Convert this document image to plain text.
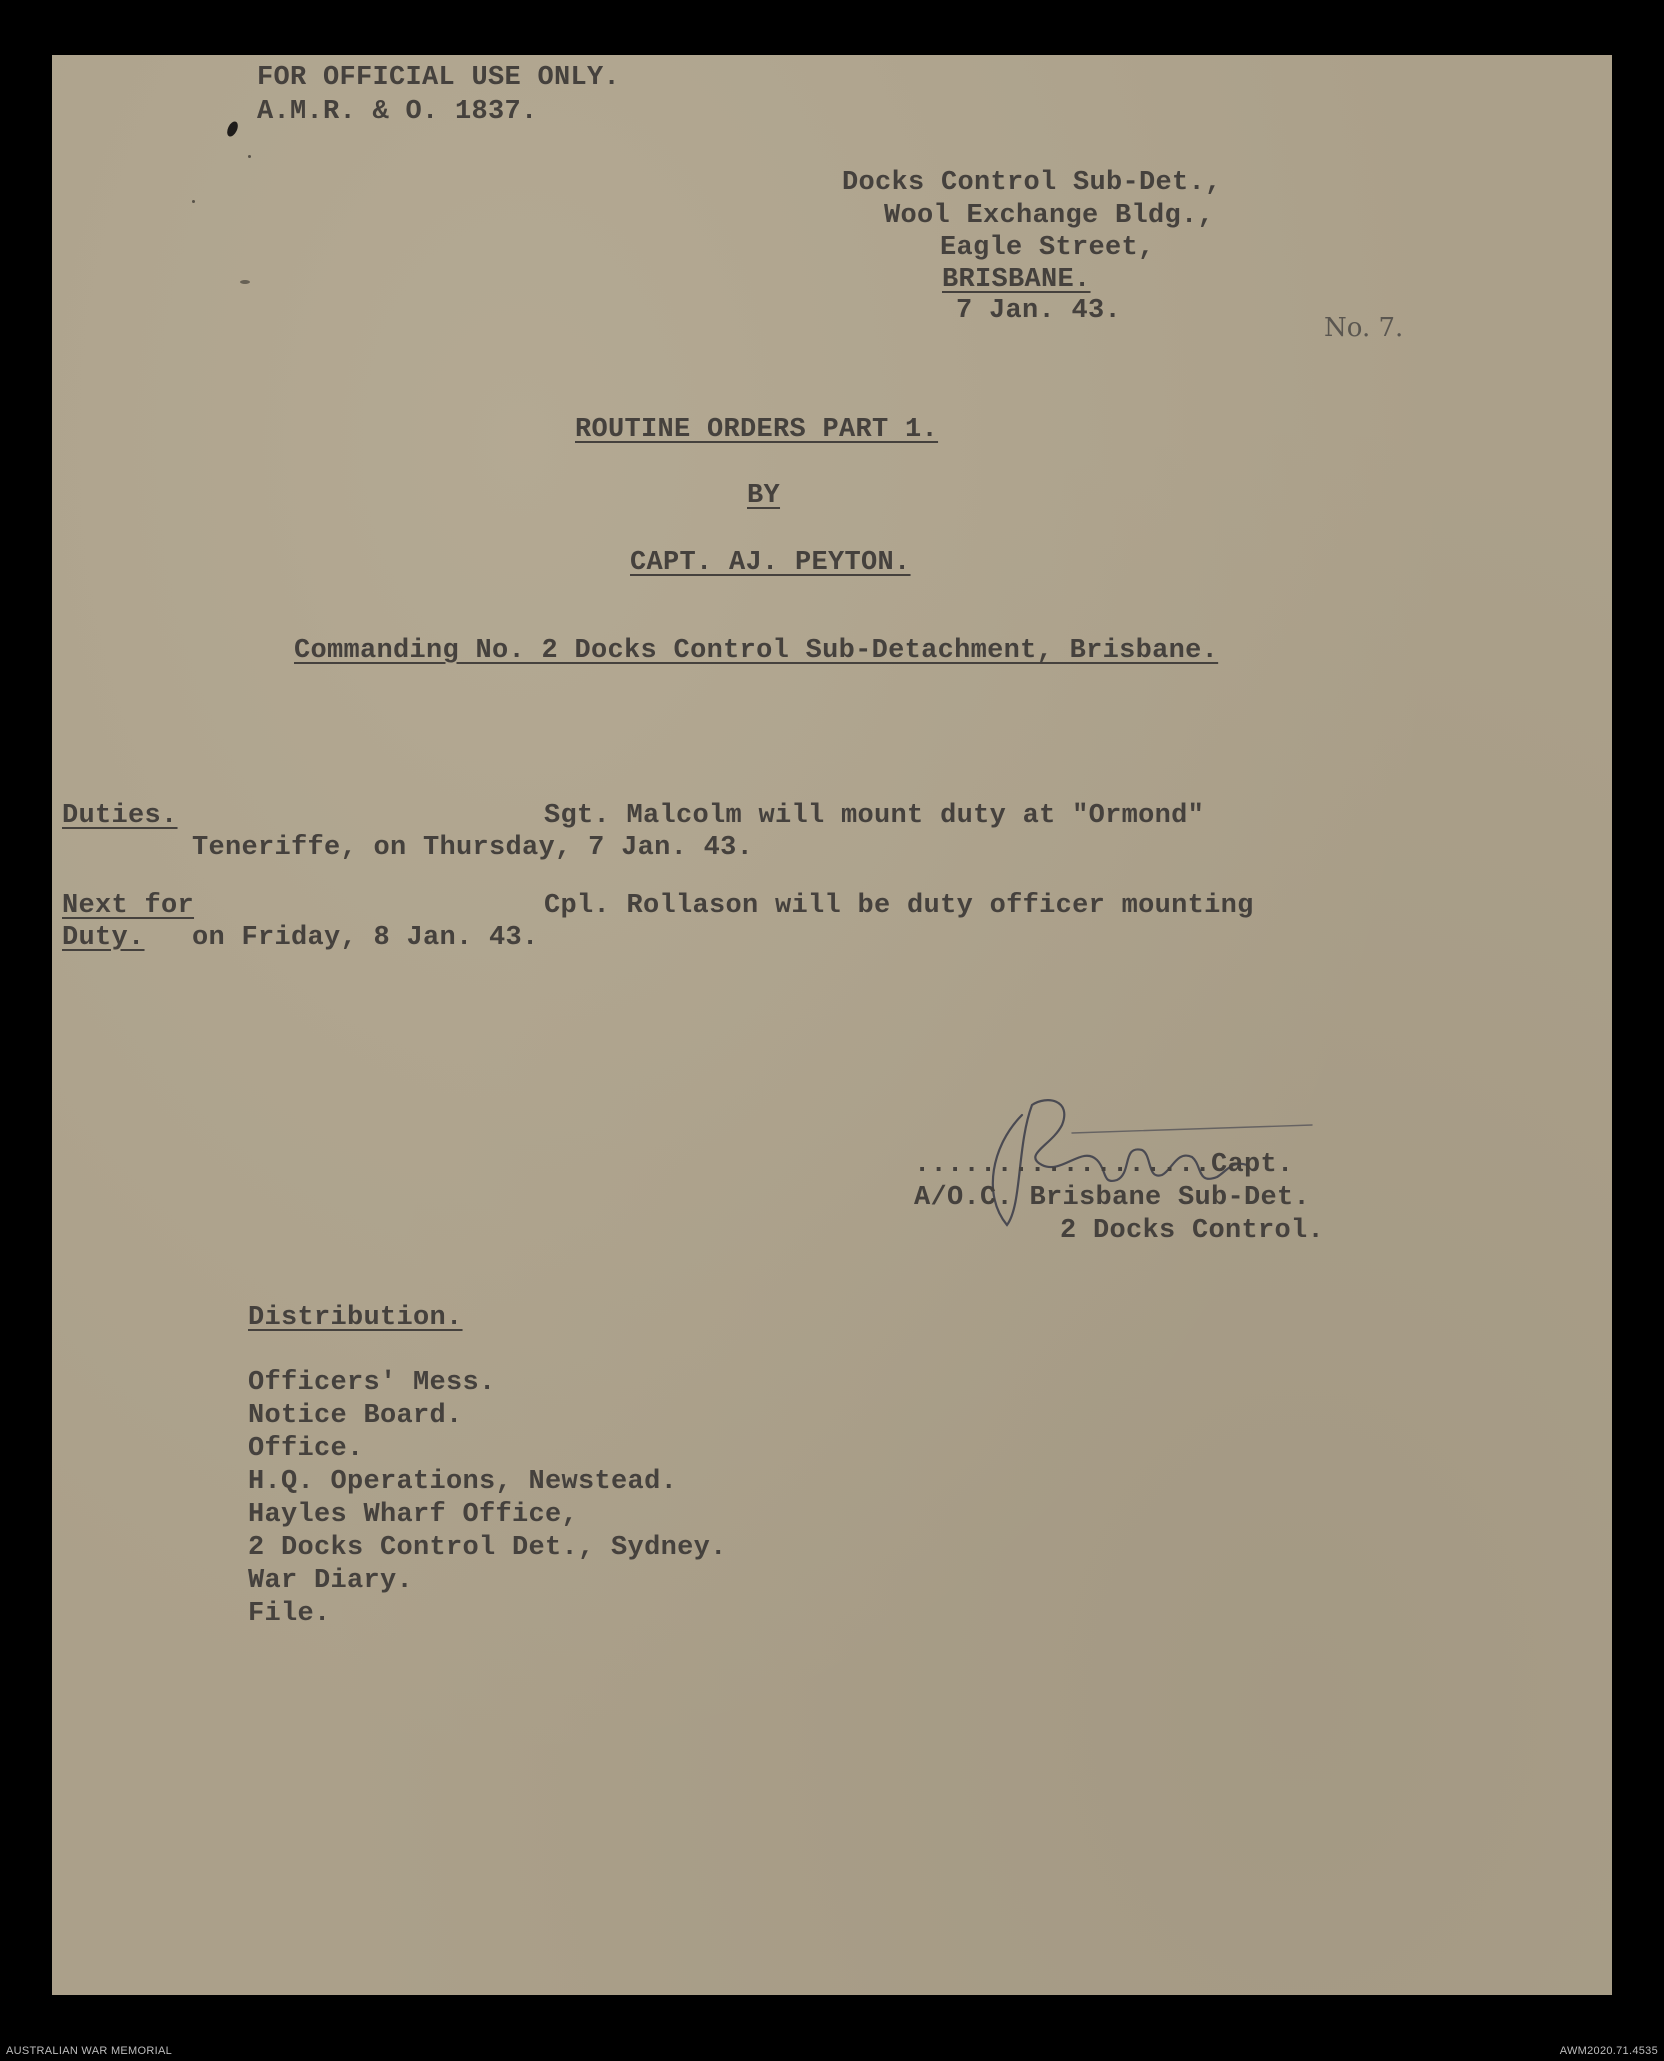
FOR OFFICIAL USE ONLY.
A.M.R. & O. 1837.
Docks Control Sub-Det.,
Wool Exchange Bldg.,
Eagle Street,
BRISBANE.
7 Jan. 43.
No. 7.
ROUTINE ORDERS PART 1.
BY
CAPT. AJ. PEYTON.
Commanding No. 2 Docks Control Sub-Detachment, Brisbane.
Duties.	Sgt. Malcolm will mount duty at "Ormond"
Teneriffe, on Thursday, 7 Jan. 43.
Next for
Duty.
Cpl. Rollason will be duty officer mounting
on Friday, 8 Jan. 43.
..................Capt.
A/O.C. Brisbane Sub-Det.
2 Docks Control.
Distribution.
Officers' Mess.
Notice Board.
Office.
H.Q. Operations, Newstead.
Hayles Wharf Office,
2 Docks Control Det., Sydney.
War Diary.
File.
AUSTRALIAN WAR MEMORIAL	AWM2020.71.4535
